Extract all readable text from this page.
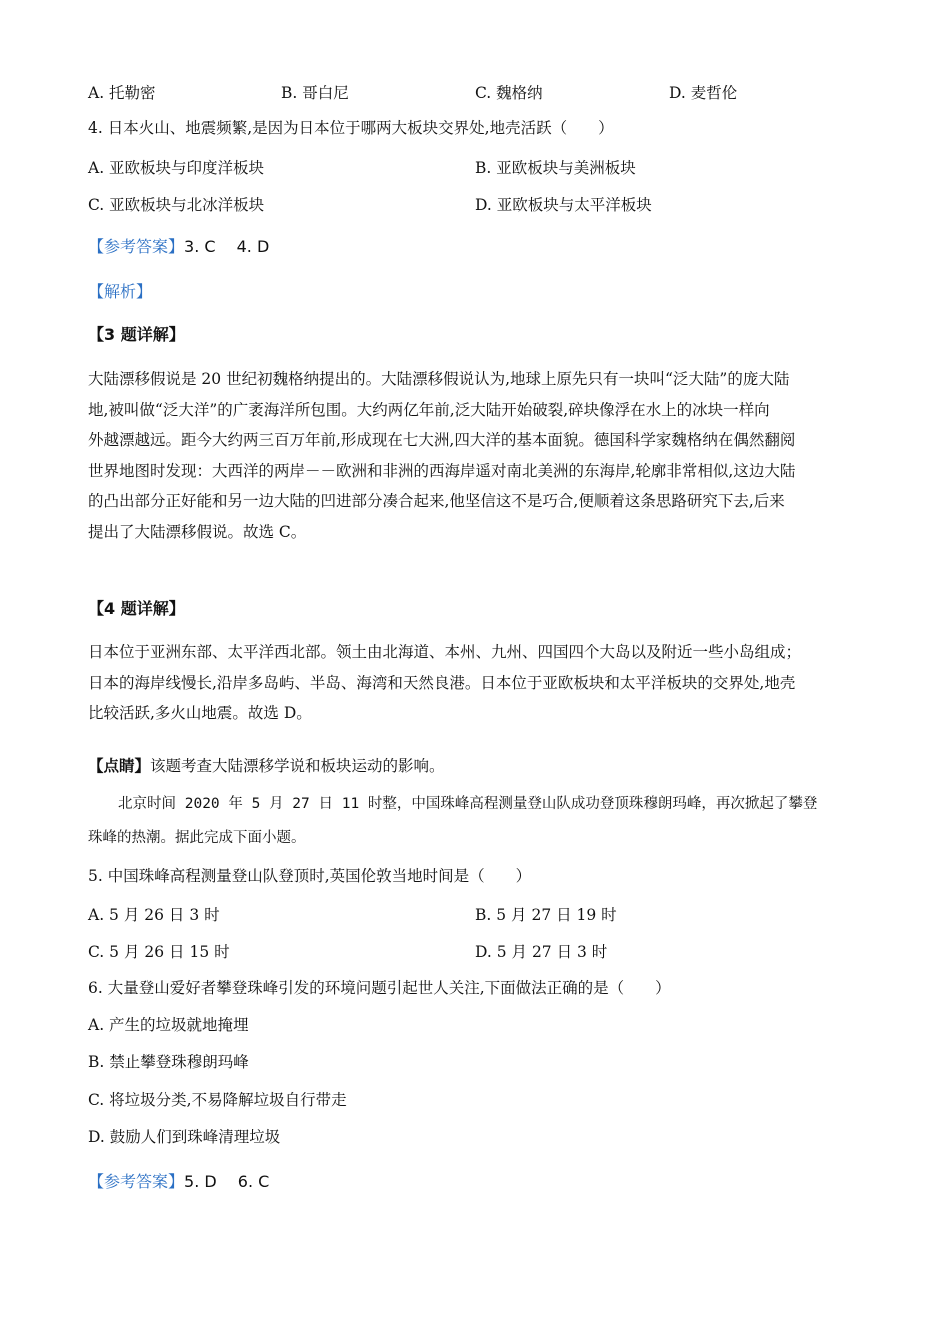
A. 托勒密	B. 哥白尼	C. 魏格纳	D. 麦哲伦
4. 日本火山、地震频繁,是因为日本位于哪两大板块交界处,地壳活跃（　　）
A. 亚欧板块与印度洋板块	B. 亚欧板块与美洲板块
C. 亚欧板块与北冰洋板块	D. 亚欧板块与太平洋板块
【参考答案】3. C　 4. D
【解析】
【3 题详解】
大陆漂移假说是 20 世纪初魏格纳提出的。大陆漂移假说认为,地球上原先只有一块叫“泛大陆”的庞大陆
地,被叫做“泛大洋”的广袤海洋所包围。大约两亿年前,泛大陆开始破裂,碎块像浮在水上的冰块一样向
外越漂越远。距今大约两三百万年前,形成现在七大洲,四大洋的基本面貌。德国科学家魏格纳在偶然翻阅
世界地图时发现：大西洋的两岸－－欧洲和非洲的西海岸遥对南北美洲的东海岸,轮廓非常相似,这边大陆
的凸出部分正好能和另一边大陆的凹进部分凑合起来,他坚信这不是巧合,便顺着这条思路研究下去,后来
提出了大陆漂移假说。故选 C。
【4 题详解】
日本位于亚洲东部、太平洋西北部。领土由北海道、本州、九州、四国四个大岛以及附近一些小岛组成；
日本的海岸线慢长,沿岸多岛屿、半岛、海湾和天然良港。日本位于亚欧板块和太平洋板块的交界处,地壳
比较活跃,多火山地震。故选 D。
【点睛】该题考查大陆漂移学说和板块运动的影响。
北京时间 2020 年 5 月 27 日 11 时整，中国珠峰高程测量登山队成功登顶珠穆朗玛峰，再次掀起了攀登
珠峰的热潮。据此完成下面小题。
5. 中国珠峰高程测量登山队登顶时,英国伦敦当地时间是（　　）
A. 5 月 26 日 3 时	B. 5 月 27 日 19 时
C. 5 月 26 日 15 时	D. 5 月 27 日 3 时
6. 大量登山爱好者攀登珠峰引发的环境问题引起世人关注,下面做法正确的是（　　）
A. 产生的垃圾就地掩埋
B. 禁止攀登珠穆朗玛峰
C. 将垃圾分类,不易降解垃圾自行带走
D. 鼓励人们到珠峰清理垃圾
【参考答案】5. D　 6. C
